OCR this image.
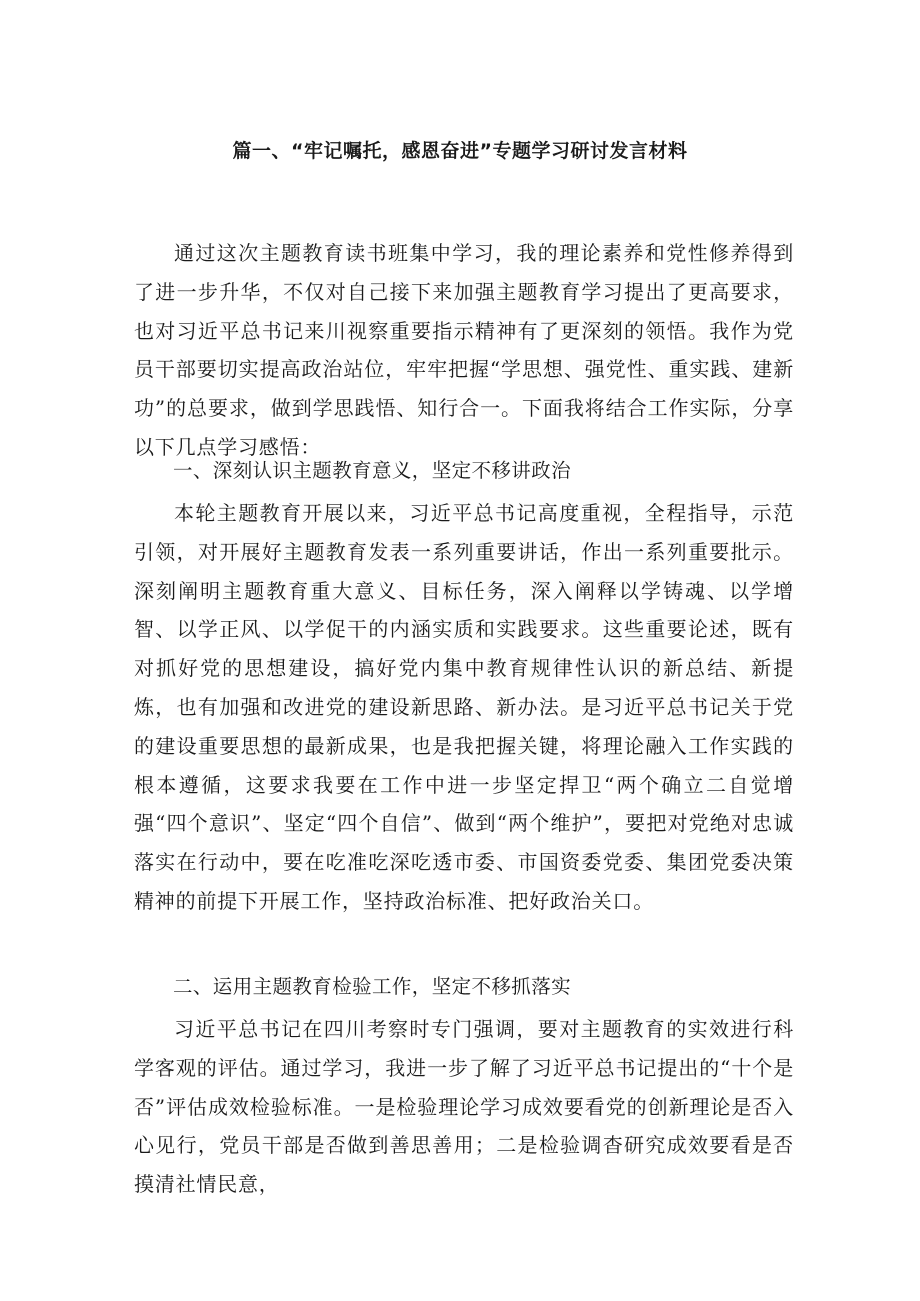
篇一、“牢记嘱托，感恩奋进”专题学习研讨发言材料

通过这次主题教育读书班集中学习，我的理论素养和党性修养得到了进一步升华，不仅对自己接下来加强主题教育学习提出了更高要求，也对习近平总书记来川视察重要指示精神有了更深刻的领悟。我作为党员干部要切实提高政治站位，牢牢把握“学思想、强党性、重实践、建新功”的总要求，做到学思践悟、知行合一。下面我将结合工作实际，分享以下几点学习感悟：

一、深刻认识主题教育意义，坚定不移讲政治

本轮主题教育开展以来，习近平总书记高度重视，全程指导，示范引领，对开展好主题教育发表一系列重要讲话，作出一系列重要批示。深刻阐明主题教育重大意义、目标任务，深入阐释以学铸魂、以学增智、以学正风、以学促干的内涵实质和实践要求。这些重要论述，既有对抓好党的思想建设，搞好党内集中教育规律性认识的新总结、新提炼，也有加强和改进党的建设新思路、新办法。是习近平总书记关于党的建设重要思想的最新成果，也是我把握关键，将理论融入工作实践的根本遵循，这要求我要在工作中进一步坚定捍卫“两个确立二自觉增强“四个意识”、坚定“四个自信”、做到“两个维护”，要把对党绝对忠诚落实在行动中，要在吃准吃深吃透市委、市国资委党委、集团党委决策精神的前提下开展工作，坚持政治标准、把好政治关口。

二、运用主题教育检验工作，坚定不移抓落实

习近平总书记在四川考察时专门强调，要对主题教育的实效进行科学客观的评估。通过学习，我进一步了解了习近平总书记提出的“十个是否”评估成效检验标准。一是检验理论学习成效要看党的创新理论是否入心见行，党员干部是否做到善思善用；二是检验调杳研究成效要看是否摸清社情民意，
